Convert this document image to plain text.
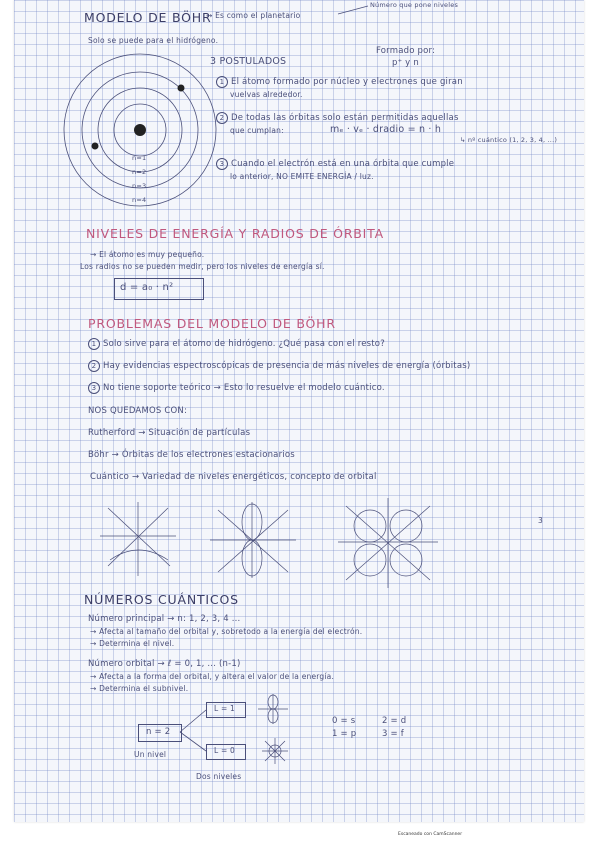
MODELO DE BÖHR
→ Es como el planetario
Número que pone niveles
Solo se puede para el hidrógeno.
Formado por:
p⁺ y n
3 POSTULADOS
n=1
n=2
n=3
n=4
1 El átomo formado por núcleo y electrones que giran
vuelvas alrededor.
2 De todas las órbitas solo están permitidas aquellas
que cumplan:	mₑ · vₑ · dradio = n · h
↳ nº cuántico (1, 2, 3, 4, ...)
3 Cuando el electrón está en una órbita que cumple
lo anterior, NO EMITE ENERGÍA / luz.
NIVELES DE ENERGÍA Y RADIOS DE ÓRBITA
→ El átomo es muy pequeño.
Los radios no se pueden medir, pero los niveles de energía sí.
d = a₀ · n²
PROBLEMAS DEL MODELO DE BÖHR
1 Solo sirve para el átomo de hidrógeno. ¿Qué pasa con el resto?
2 Hay evidencias espectroscópicas de presencia de más niveles de energía (órbitas)
3 No tiene soporte teórico → Esto lo resuelve el modelo cuántico.
NOS QUEDAMOS CON:
Rutherford → Situación de partículas
Böhr → Órbitas de los electrones estacionarios
Cuántico → Variedad de niveles energéticos, concepto de orbital
3
NÚMEROS CUÁNTICOS
Número principal → n: 1, 2, 3, 4 ...
→ Afecta al tamaño del orbital y, sobretodo a la energía del electrón.
→ Determina el nivel.
Número orbital → ℓ = 0, 1, ... (n-1)
→ Afecta a la forma del orbital, y altera el valor de la energía.
→ Determina el subnivel.
n = 2
L = 1
L = 0
Un nivel
Dos niveles
0 = s
1 = p
2 = d
3 = f
Escaneado con CamScanner
